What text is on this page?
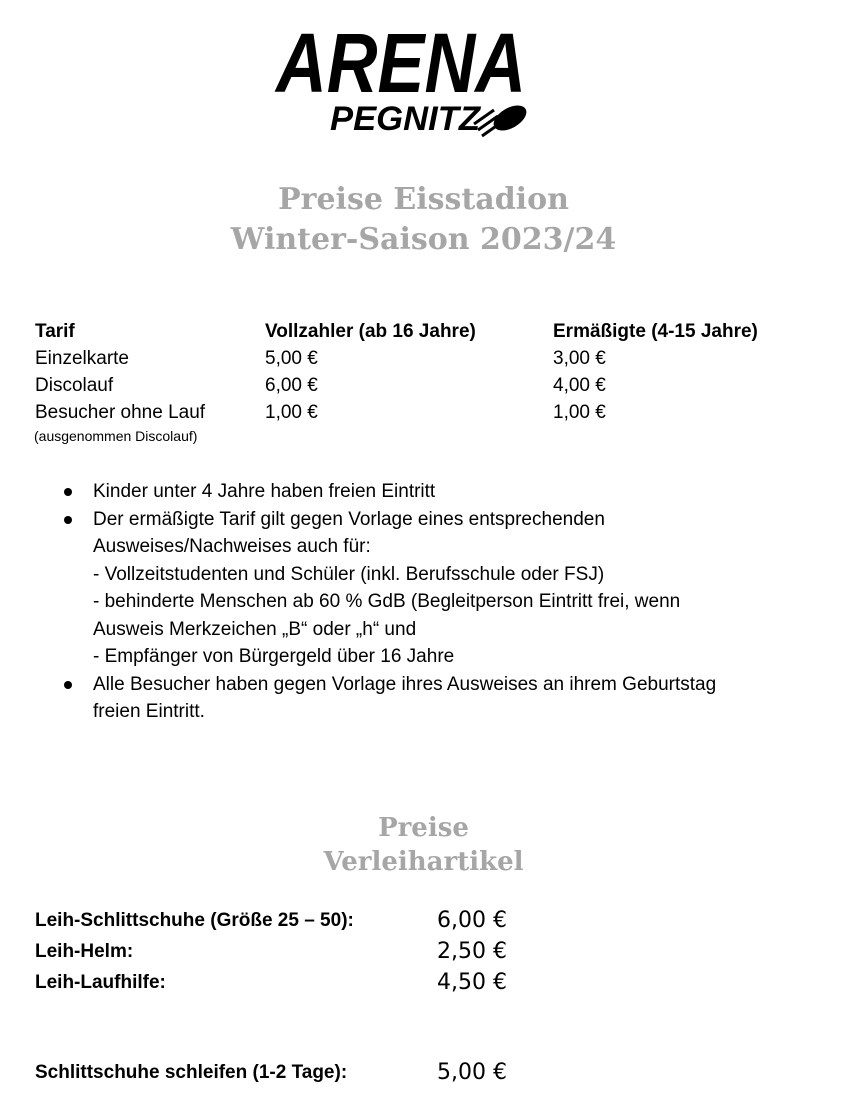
ARENA
PEGNITZ
Preise Eisstadion
Winter-Saison 2023/24
Tarif	Vollzahler (ab 16 Jahre)	Ermäßigte (4-15 Jahre)
Einzelkarte	5,00 €	3,00 €
Discolauf	6,00 €	4,00 €
Besucher ohne Lauf	1,00 €	1,00 €
(ausgenommen Discolauf)
Kinder unter 4 Jahre haben freien Eintritt
Der ermäßigte Tarif gilt gegen Vorlage eines entsprechenden
Ausweises/Nachweises auch für:
- Vollzeitstudenten und Schüler (inkl. Berufsschule oder FSJ)
- behinderte Menschen ab 60 % GdB (Begleitperson Eintritt frei, wenn
Ausweis Merkzeichen „B“ oder „h“ und
- Empfänger von Bürgergeld über 16 Jahre
Alle Besucher haben gegen Vorlage ihres Ausweises an ihrem Geburtstag
freien Eintritt.
Preise
Verleihartikel
Leih-Schlittschuhe (Größe 25 – 50):	6,00 €
Leih-Helm:	2,50 €
Leih-Laufhilfe:	4,50 €
Schlittschuhe schleifen (1-2 Tage):	5,00 €
